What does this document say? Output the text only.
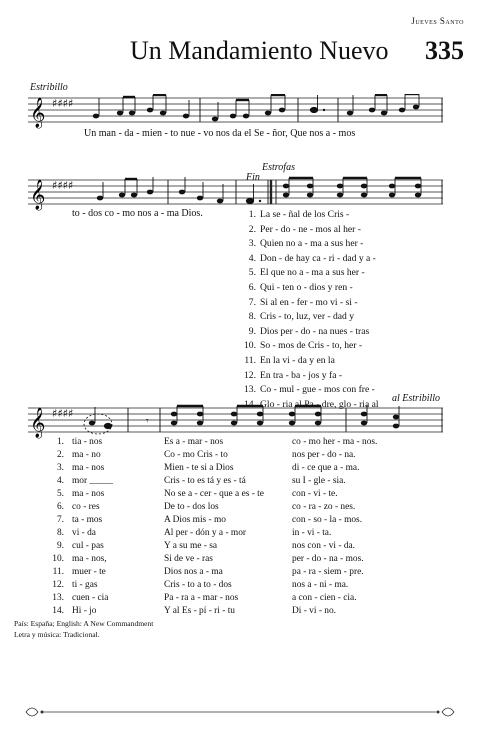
Jueves Santo
Un Mandamiento Nuevo 335
Estribillo
𝄞 ♯♯♯♯
Un man - da - mien - to nue - vo nos da el Se - ñor, Que nos a - mos
Estrofas
Fin
𝄞 ♯♯♯♯
to - dos co - mo nos a - ma Dios.	1. La se - ñal de los Cris -
2. Per - do - ne - mos al her -
3. Quien no a - ma a sus her -
4. Don - de hay ca - ri - dad y a -
5. El que no a - ma a sus her -
6. Qui - ten o - dios y ren -
7. Si al en - fer - mo vi - si -
8. Cris - to, luz, ver - dad y
9. Dios per - do - na nues - tras
10. So - mos de Cris - to, her -
11. En la vi - da y en la
12. En tra - ba - jos y fa -
13. Co - mul - gue - mos con fre -
14. Glo - ria al Pa - dre, glo - ria al
al Estribillo
𝄞 ♯♯♯♯
𝄾
1. tia - nos	Es a - mar - nos	co - mo her - ma - nos.
2. ma - no	Co - mo Cris - to	nos per - do - na.
3. ma - nos	Mien - te si a Dios	di - ce que a - ma.
4. mor _____	Cris - to es tá y es - tá	su I - gle - sia.
5. ma - nos	No se a - cer - que a es - te	con - vi - te.
6. co - res	De to - dos los	co - ra - zo - nes.
7. ta - mos	A Dios mis - mo	con - so - la - mos.
8. vi - da	Al per - dón y a - mor	in - vi - ta.
9. cul - pas	Y a su me - sa	nos con - vi - da.
10. ma - nos,	Si de ve - ras	per - do - na - mos.
11. muer - te	Dios nos a - ma	pa - ra - siem - pre.
12. ti - gas	Cris - to a to - dos	nos a - ni - ma.
13. cuen - cia	Pa - ra a - mar - nos	a con - cien - cia.
14. Hi - jo	Y al Es - pí - ri - tu	Di - vi - no.
País: España; English: A New Commandment
Letra y música: Tradicional.
